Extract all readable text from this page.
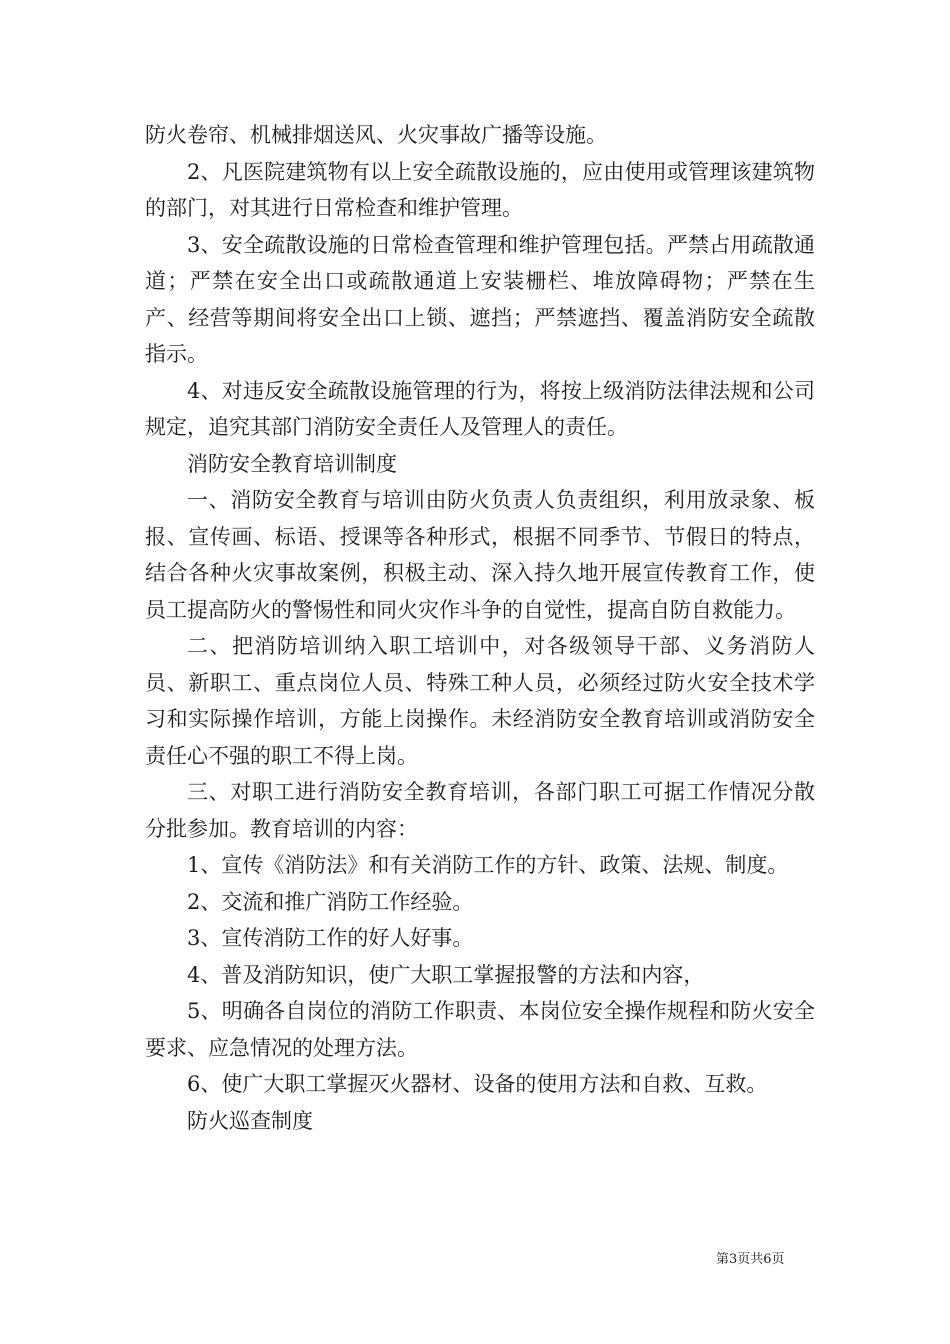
防火卷帘、机械排烟送风、火灾事故广播等设施。

2、凡医院建筑物有以上安全疏散设施的，应由使用或管理该建筑物的部门，对其进行日常检查和维护管理。

3、安全疏散设施的日常检查管理和维护管理包括。严禁占用疏散通道；严禁在安全出口或疏散通道上安装栅栏、堆放障碍物；严禁在生产、经营等期间将安全出口上锁、遮挡；严禁遮挡、覆盖消防安全疏散指示。

4、对违反安全疏散设施管理的行为，将按上级消防法律法规和公司规定，追究其部门消防安全责任人及管理人的责任。

消防安全教育培训制度

一、消防安全教育与培训由防火负责人负责组织，利用放录象、板报、宣传画、标语、授课等各种形式，根据不同季节、节假日的特点，结合各种火灾事故案例，积极主动、深入持久地开展宣传教育工作，使员工提高防火的警惕性和同火灾作斗争的自觉性，提高自防自救能力。

二、把消防培训纳入职工培训中，对各级领导干部、义务消防人员、新职工、重点岗位人员、特殊工种人员，必须经过防火安全技术学习和实际操作培训，方能上岗操作。未经消防安全教育培训或消防安全责任心不强的职工不得上岗。

三、对职工进行消防安全教育培训，各部门职工可据工作情况分散分批参加。教育培训的内容：

1、宣传《消防法》和有关消防工作的方针、政策、法规、制度。

2、交流和推广消防工作经验。

3、宣传消防工作的好人好事。

4、普及消防知识，使广大职工掌握报警的方法和内容，

5、明确各自岗位的消防工作职责、本岗位安全操作规程和防火安全要求、应急情况的处理方法。

6、使广大职工掌握灭火器材、设备的使用方法和自救、互救。

防火巡查制度

第3页共6页
